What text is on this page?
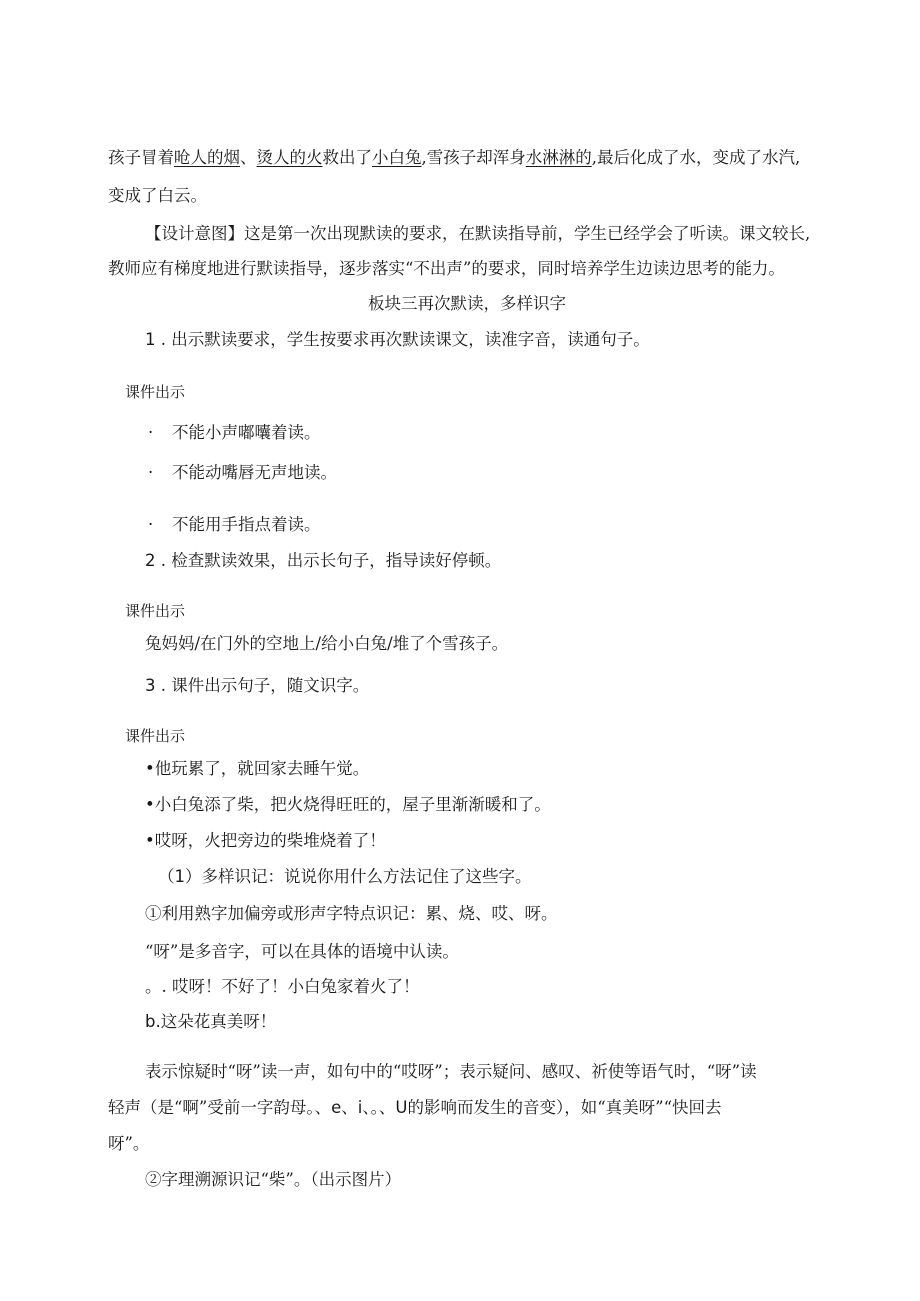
孩子冒着呛人的烟、烫人的火救出了小白兔,雪孩子却浑身水淋淋的,最后化成了水，变成了水汽,
变成了白云。
【设计意图】这是第一次出现默读的要求，在默读指导前，学生已经学会了听读。课文较长,
教师应有梯度地进行默读指导，逐步落实“不出声”的要求，同时培养学生边读边思考的能力。
板块三再次默读，多样识字
1 . 出示默读要求，学生按要求再次默读课文，读准字音，读通句子。
课件出示
· 不能小声嘟囔着读。
· 不能动嘴唇无声地读。
· 不能用手指点着读。
2 . 检查默读效果，出示长句子，指导读好停顿。
课件出示
兔妈妈/在门外的空地上/给小白兔/堆了个雪孩子。
3 . 课件出示句子，随文识字。
课件出示
•他玩累了，就回家去睡午觉。
•小白兔添了柴，把火烧得旺旺的，屋子里渐渐暖和了。
•哎呀，火把旁边的柴堆烧着了！
（1）多样识记：说说你用什么方法记住了这些字。
①利用熟字加偏旁或形声字特点识记：累、烧、哎、呀。
“呀”是多音字，可以在具体的语境中认读。
。. 哎呀！不好了！小白兔家着火了！
b.这朵花真美呀！
表示惊疑时“呀”读一声，如句中的“哎呀”；表示疑问、感叹、祈使等语气时，“呀”读
轻声（是“啊”受前一字韵母。、e、i、。、U的影响而发生的音变），如“真美呀”“快回去
呀”。
②字理溯源识记“柴”。（出示图片）
